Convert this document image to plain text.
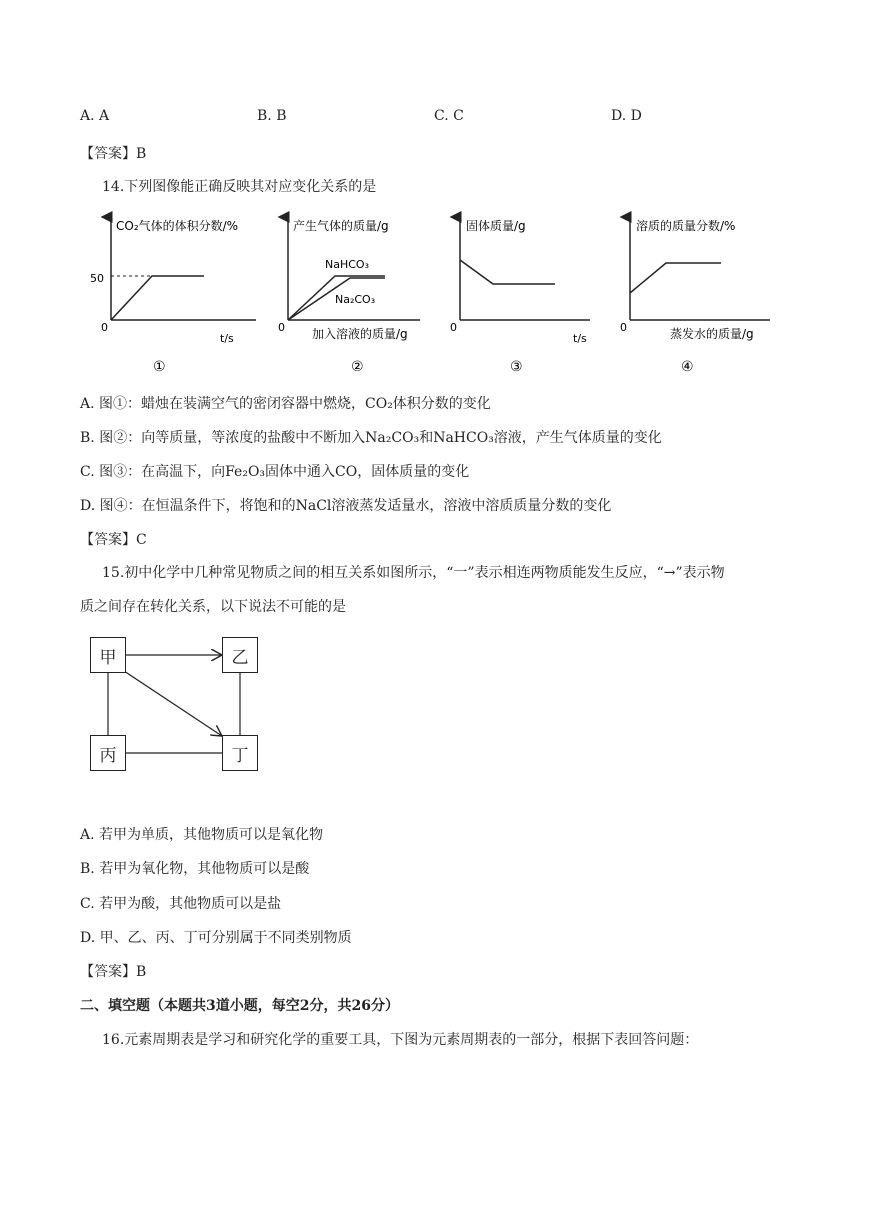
A. A	B. B	C. C	D. D
【答案】B
14.下列图像能正确反映其对应变化关系的是
CO₂气体的体积分数/%
50
0
t/s
①
产生气体的质量/g
NaHCO₃
Na₂CO₃
0 加入溶液的质量/g
②
固体质量/g
0
t/s
③
溶质的质量分数/%
0	蒸发水的质量/g
④
A. 图①：蜡烛在装满空气的密闭容器中燃烧，CO₂体积分数的变化
B. 图②：向等质量，等浓度的盐酸中不断加入Na₂CO₃和NaHCO₃溶液，产生气体质量的变化
C. 图③：在高温下，向Fe₂O₃固体中通入CO，固体质量的变化
D. 图④：在恒温条件下，将饱和的NaCl溶液蒸发适量水，溶液中溶质质量分数的变化
【答案】C
15.初中化学中几种常见物质之间的相互关系如图所示，“一”表示相连两物质能发生反应，“→”表示物
质之间存在转化关系，以下说法不可能的是
甲	乙
丙	丁
A. 若甲为单质，其他物质可以是氧化物
B. 若甲为氧化物，其他物质可以是酸
C. 若甲为酸，其他物质可以是盐
D. 甲、乙、丙、丁可分别属于不同类别物质
【答案】B
二、填空题（本题共3道小题，每空2分，共26分）
16.元素周期表是学习和研究化学的重要工具，下图为元素周期表的一部分，根据下表回答问题：
